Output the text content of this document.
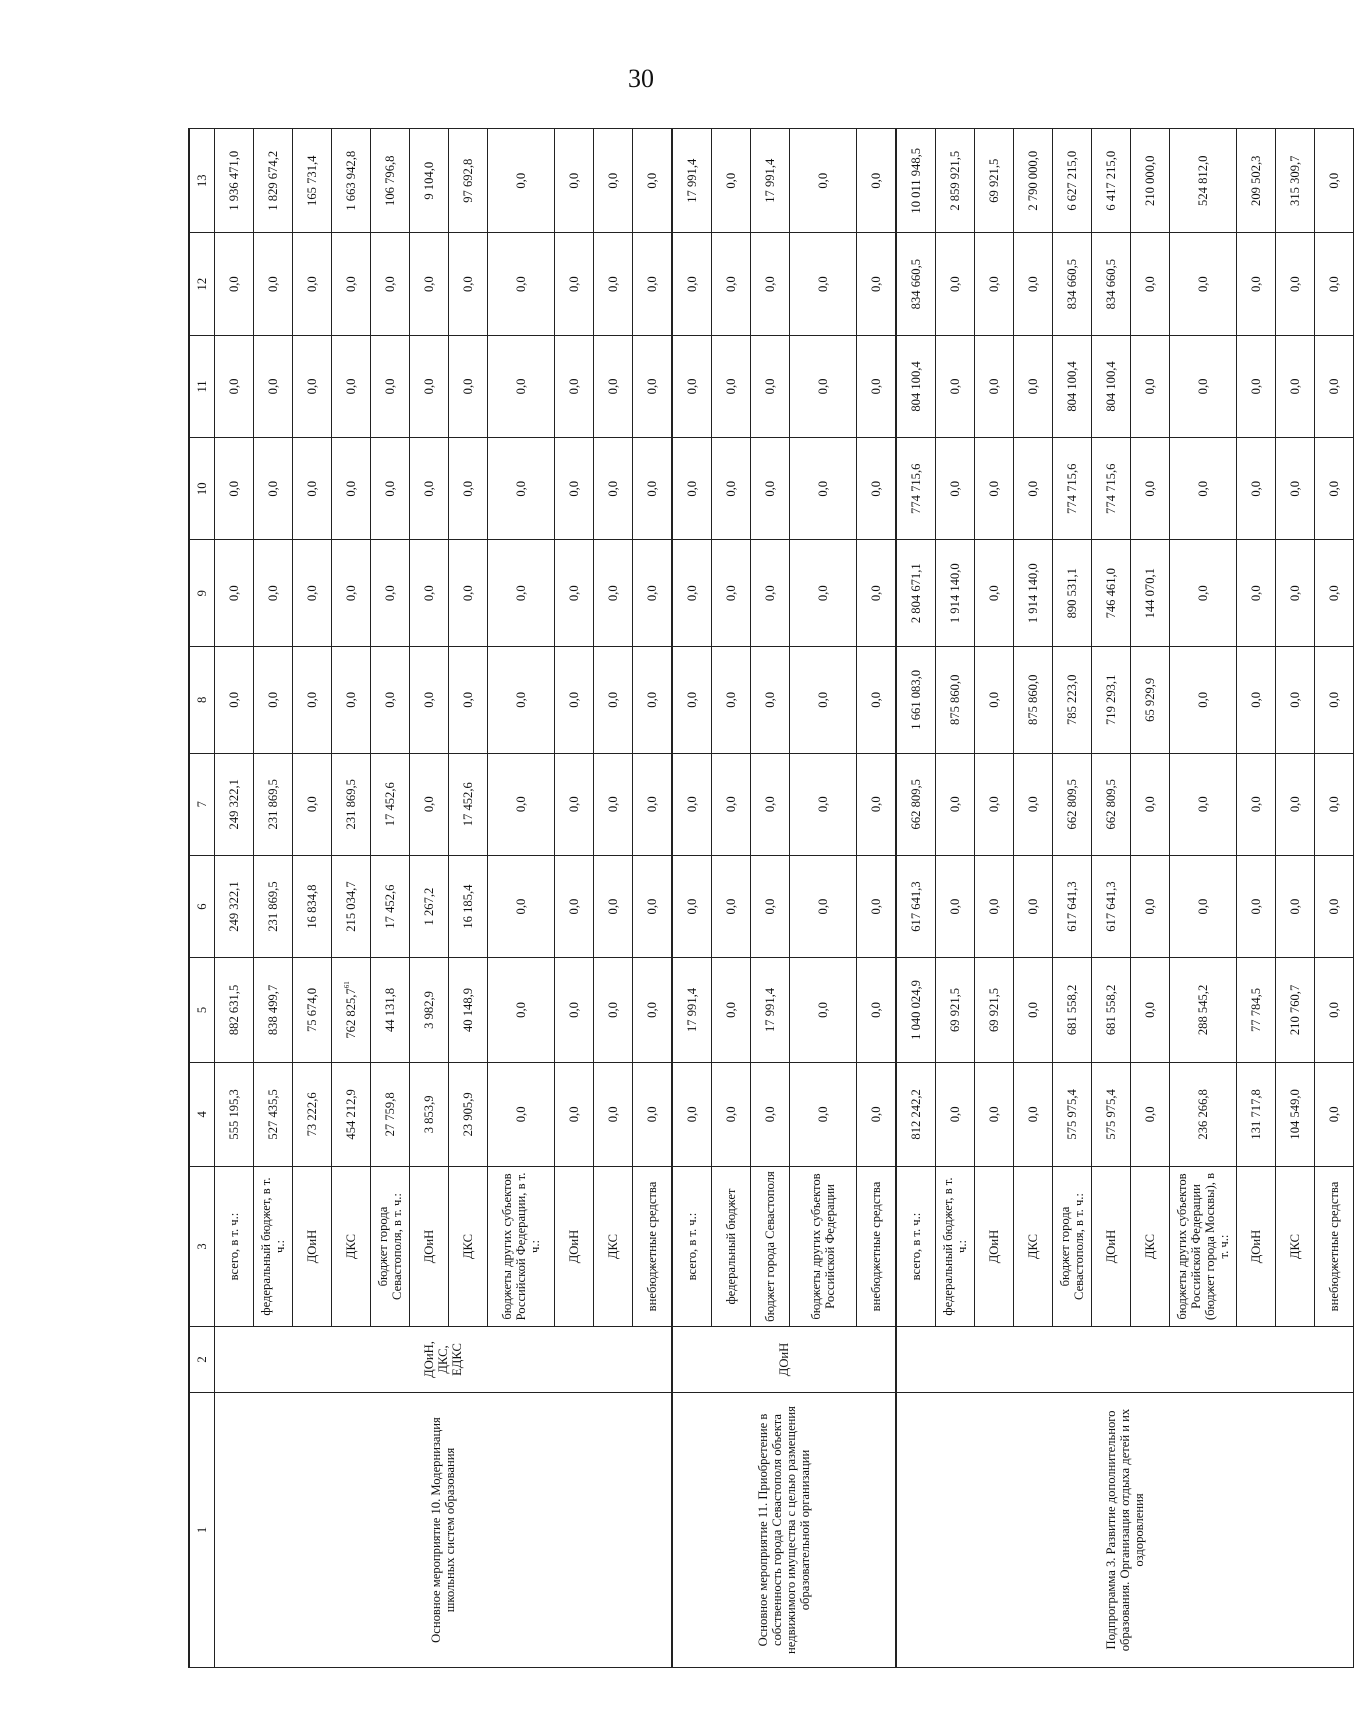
30
1	2	3	4	5	6	7	8	9	10	11	12	13
Основное мероприятие 10. Модернизация школьных систем образования	ДОиН, ДКС, ЕДКС	всего, в т. ч.:	555 195,3	882 631,5	249 322,1	249 322,1	0,0	0,0	0,0	0,0	0,0	1 936 471,0
		федеральный бюджет, в т. ч.:	527 435,5	838 499,7	231 869,5	231 869,5	0,0	0,0	0,0	0,0	0,0	1 829 674,2
		ДОиН	73 222,6	75 674,0	16 834,8	0,0	0,0	0,0	0,0	0,0	0,0	165 731,4
		ДКС	454 212,9	762 825,7$^{61}$	215 034,7	231 869,5	0,0	0,0	0,0	0,0	0,0	1 663 942,8
		бюджет города Севастополя, в т. ч.:	27 759,8	44 131,8	17 452,6	17 452,6	0,0	0,0	0,0	0,0	0,0	106 796,8
		ДОиН	3 853,9	3 982,9	1 267,2	0,0	0,0	0,0	0,0	0,0	0,0	9 104,0
		ДКС	23 905,9	40 148,9	16 185,4	17 452,6	0,0	0,0	0,0	0,0	0,0	97 692,8
		бюджеты других субъектов Российской Федерации, в т. ч.:	0,0	0,0	0,0	0,0	0,0	0,0	0,0	0,0	0,0	0,0
		ДОиН	0,0	0,0	0,0	0,0	0,0	0,0	0,0	0,0	0,0	0,0
		ДКС	0,0	0,0	0,0	0,0	0,0	0,0	0,0	0,0	0,0	0,0
		внебюджетные средства	0,0	0,0	0,0	0,0	0,0	0,0	0,0	0,0	0,0	0,0
Основное мероприятие 11. Приобретение в собственность города Севастополя объекта недвижимого имущества с целью размещения образовательной организации	ДОиН	всего, в т. ч.:	0,0	17 991,4	0,0	0,0	0,0	0,0	0,0	0,0	0,0	17 991,4
		федеральный бюджет	0,0	0,0	0,0	0,0	0,0	0,0	0,0	0,0	0,0	0,0
		бюджет города Севастополя	0,0	17 991,4	0,0	0,0	0,0	0,0	0,0	0,0	0,0	17 991,4
		бюджеты других субъектов Российской Федерации	0,0	0,0	0,0	0,0	0,0	0,0	0,0	0,0	0,0	0,0
		внебюджетные средства	0,0	0,0	0,0	0,0	0,0	0,0	0,0	0,0	0,0	0,0
Подпрограмма 3. Развитие дополнительного образования. Организация отдыха детей и их оздоровления		всего, в т. ч.:	812 242,2	1 040 024,9	617 641,3	662 809,5	1 661 083,0	2 804 671,1	774 715,6	804 100,4	834 660,5	10 011 948,5
		федеральный бюджет, в т. ч.:	0,0	69 921,5	0,0	0,0	875 860,0	1 914 140,0	0,0	0,0	0,0	2 859 921,5
		ДОиН	0,0	69 921,5	0,0	0,0	0,0	0,0	0,0	0,0	0,0	69 921,5
		ДКС	0,0	0,0	0,0	0,0	875 860,0	1 914 140,0	0,0	0,0	0,0	2 790 000,0
		бюджет города Севастополя, в т. ч.:	575 975,4	681 558,2	617 641,3	662 809,5	785 223,0	890 531,1	774 715,6	804 100,4	834 660,5	6 627 215,0
		ДОиН	575 975,4	681 558,2	617 641,3	662 809,5	719 293,1	746 461,0	774 715,6	804 100,4	834 660,5	6 417 215,0
		ДКС	0,0	0,0	0,0	0,0	65 929,9	144 070,1	0,0	0,0	0,0	210 000,0
		бюджеты других субъектов Российской Федерации (бюджет города Москвы), в т. ч.:	236 266,8	288 545,2	0,0	0,0	0,0	0,0	0,0	0,0	0,0	524 812,0
		ДОиН	131 717,8	77 784,5	0,0	0,0	0,0	0,0	0,0	0,0	0,0	209 502,3
		ДКС	104 549,0	210 760,7	0,0	0,0	0,0	0,0	0,0	0,0	0,0	315 309,7
		внебюджетные средства	0,0	0,0	0,0	0,0	0,0	0,0	0,0	0,0	0,0	0,0
